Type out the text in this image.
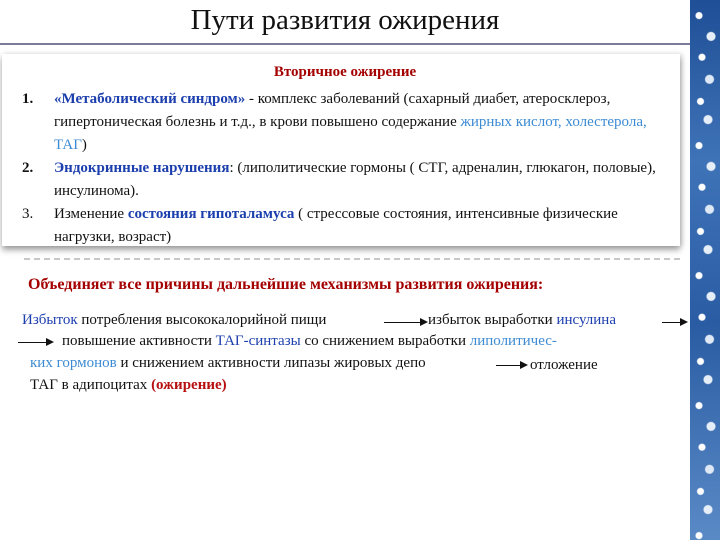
Пути развития ожирения
Вторичное ожирение
1. «Метаболический синдром» - комплекс заболеваний (сахарный диабет, атеросклероз, гипертоническая болезнь и т.д., в крови повышено содержание жирных кислот, холестерола, ТАГ)
2. Эндокринные нарушения: (липолитические гормоны ( СТГ, адреналин, глюкагон, половые), инсулинома).
3. Изменение состояния гипоталамуса ( стрессовые состояния, интенсивные физические нагрузки, возраст)
Объединяет все причины дальнейшие механизмы развития ожирения:
Избыток потребления высококалорийной пищи	избыток выработки инсулина
повышение активности ТАГ-синтазы со снижением выработки липолитичес-
ких гормонов и снижением активности липазы жировых депо	отложение
ТАГ в адипоцитах (ожирение)
